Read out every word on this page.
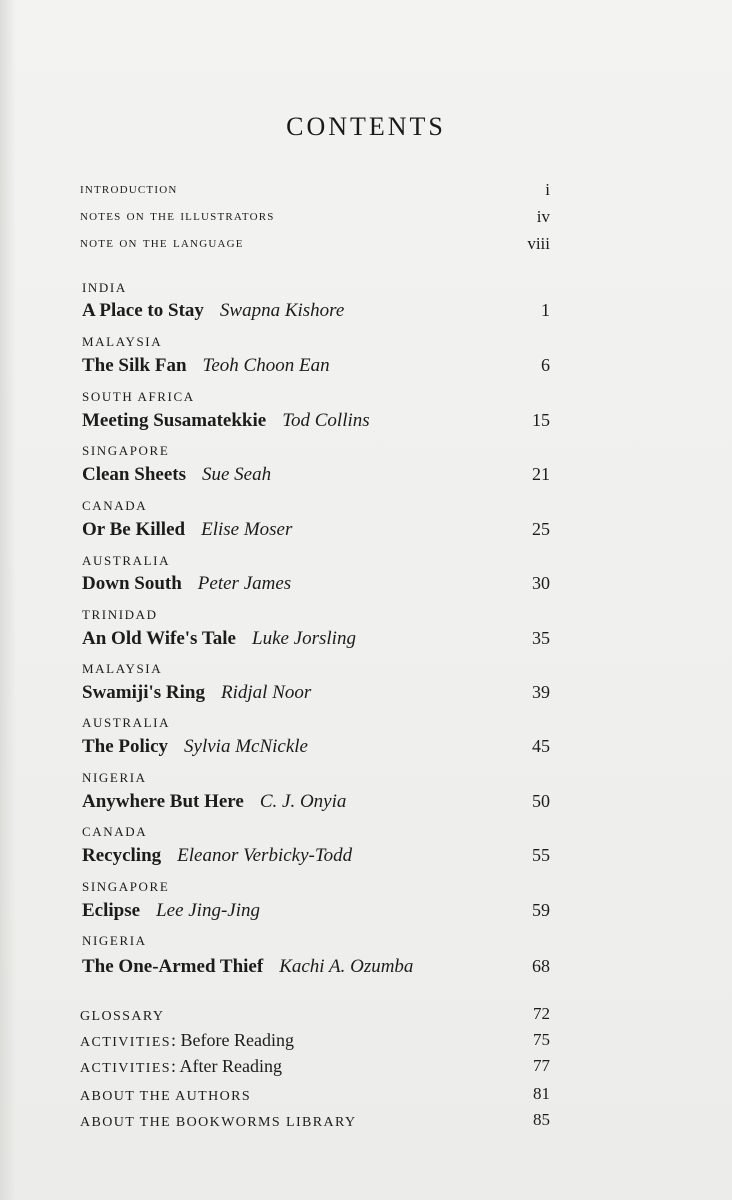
CONTENTS
introduction	i
notes on the illustrators	iv
note on the language	viii
INDIA
A Place to Stay Swapna Kishore	1
MALAYSIA
The Silk Fan Teoh Choon Ean	6
SOUTH AFRICA
Meeting Susamatekkie Tod Collins	15
SINGAPORE
Clean Sheets Sue Seah	21
CANADA
Or Be Killed Elise Moser	25
AUSTRALIA
Down South Peter James	30
TRINIDAD
An Old Wife's Tale Luke Jorsling	35
MALAYSIA
Swamiji's Ring Ridjal Noor	39
AUSTRALIA
The Policy Sylvia McNickle	45
NIGERIA
Anywhere But Here C. J. Onyia	50
CANADA
Recycling Eleanor Verbicky-Todd	55
SINGAPORE
Eclipse Lee Jing-Jing	59
NIGERIA
The One-Armed Thief Kachi A. Ozumba	68
GLOSSARY	72
ACTIVITIES: Before Reading	75
ACTIVITIES: After Reading	77
ABOUT THE AUTHORS	81
ABOUT THE BOOKWORMS LIBRARY	85
